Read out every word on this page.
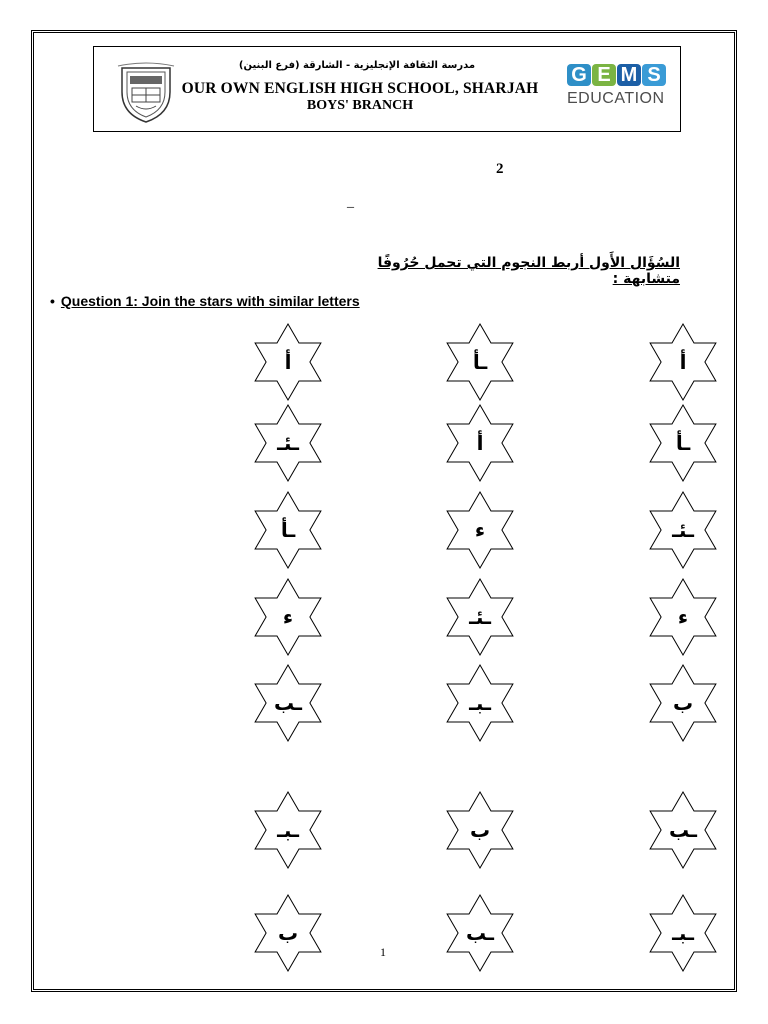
مدرسة الثقافة الإنجليزية - الشارقة (فرع البنين)
OUR OWN ENGLISH HIGH SCHOOL, SHARJAH
BOYS' BRANCH
G E M S
EDUCATION
2
_
السُؤَال الأَول أربط النجوم التي تحمل حُرُوفًا متشابهة :
• Question 1: Join the stars with similar letters
أ
ـئـ
ـأ
ء
ـب
ـبـ
ب
ـأ
أ
ء
ـئـ
ـبـ
ب
ـب
أ
ـأ
ـئـ
ء
ب
ـب
ـبـ
1
